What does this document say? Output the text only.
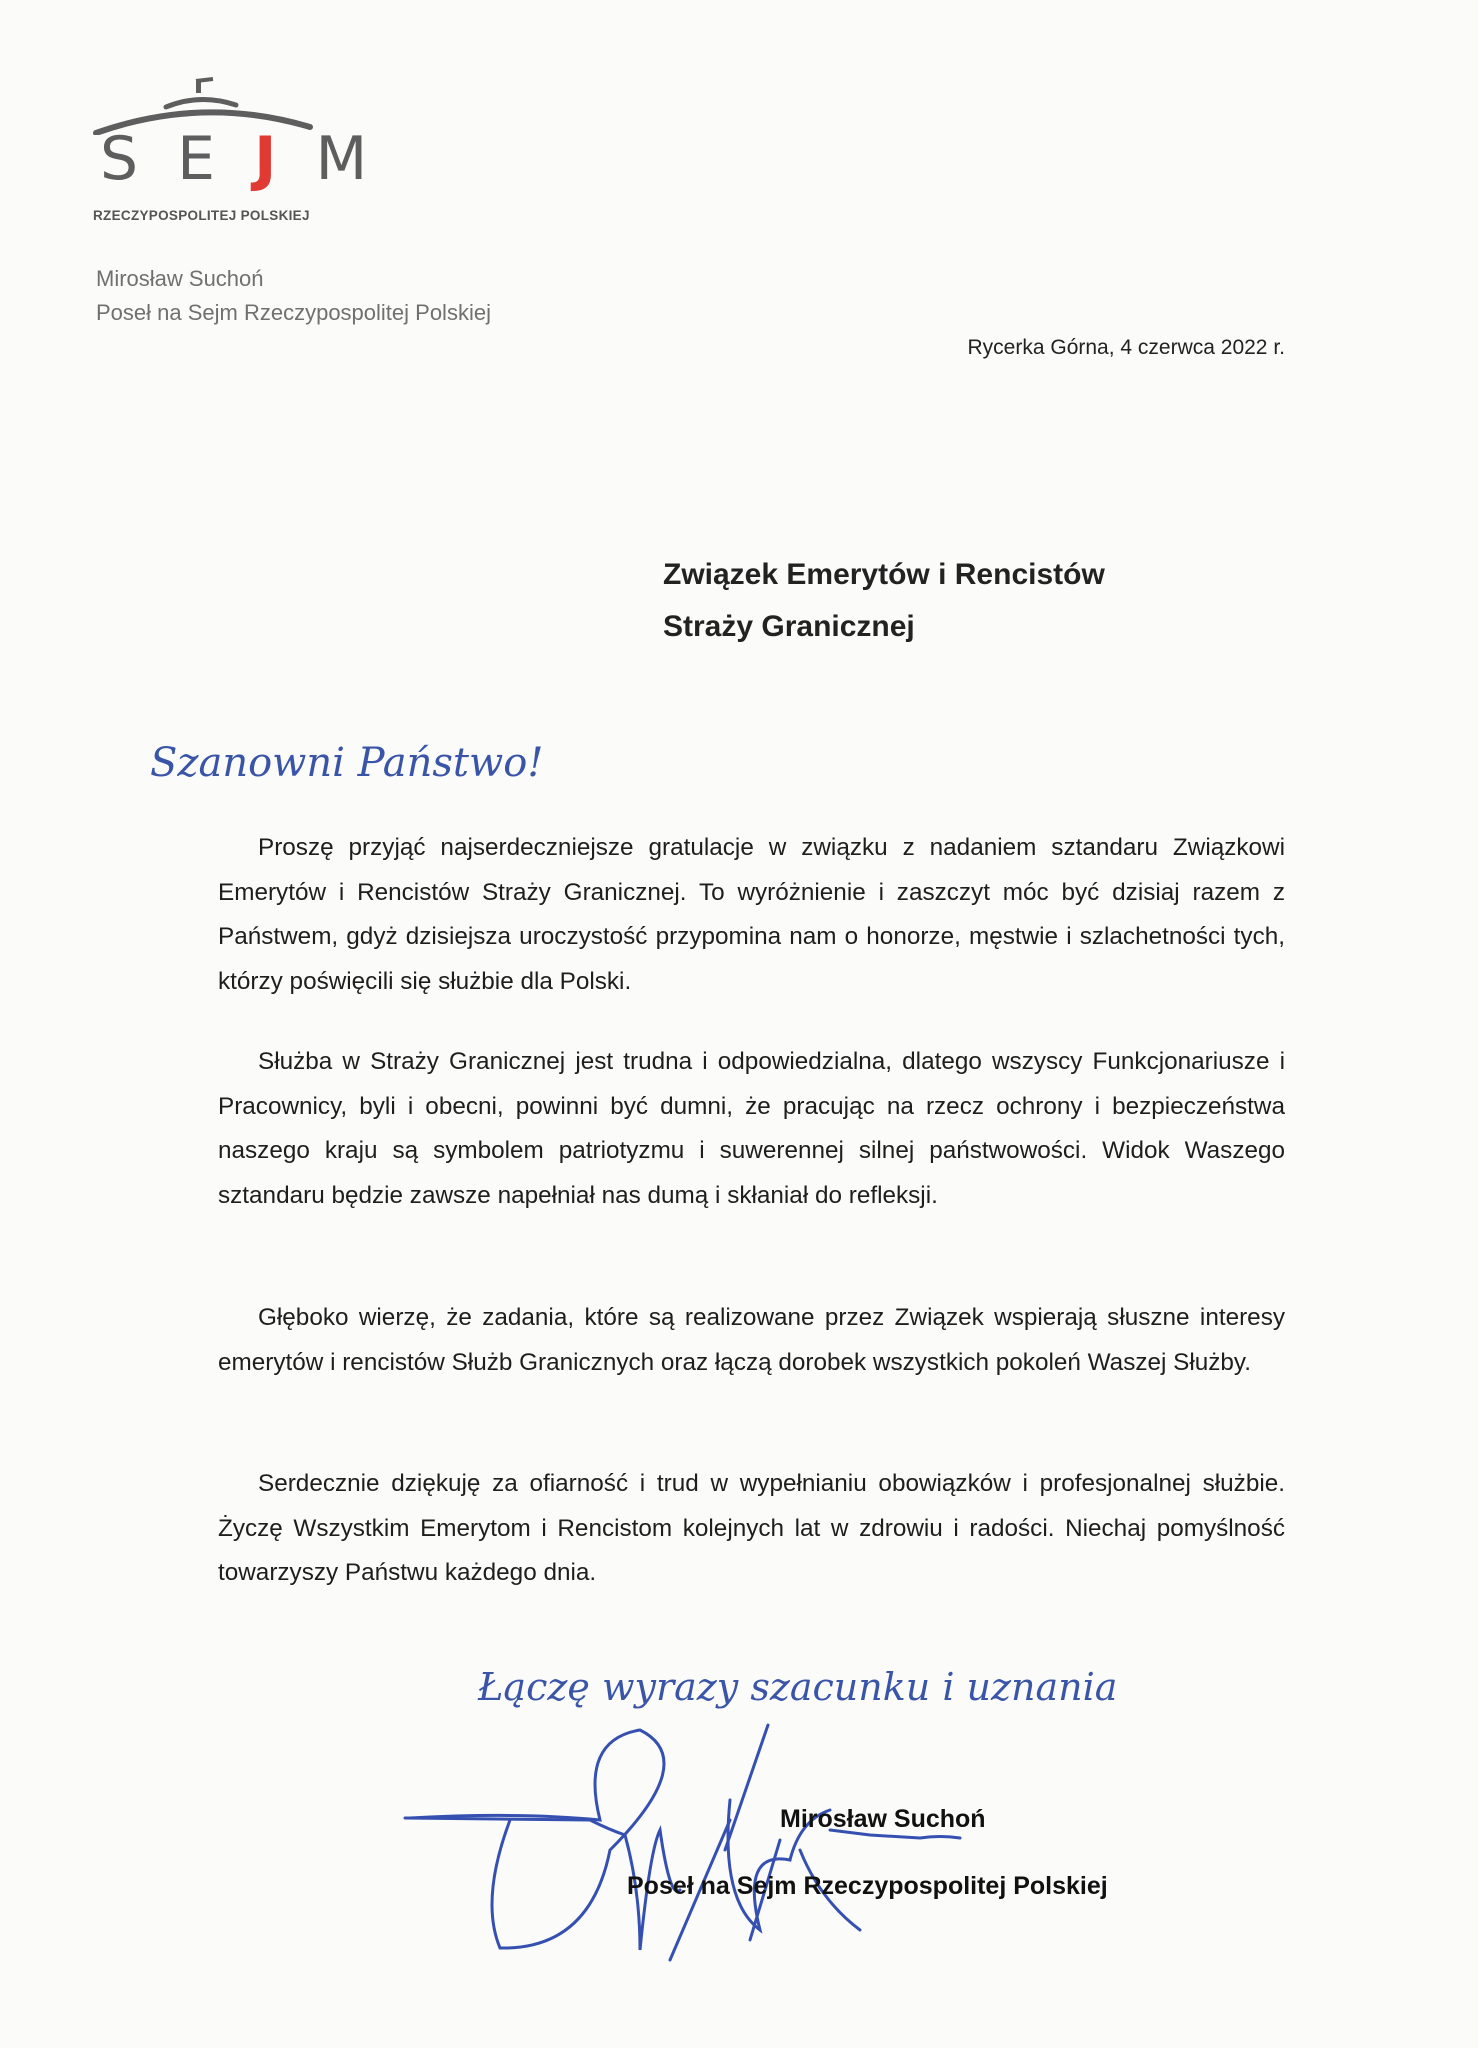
S E J M
RZECZYPOSPOLITEJ POLSKIEJ
Mirosław Suchoń
Poseł na Sejm Rzeczypospolitej Polskiej
Rycerka Górna, 4 czerwca 2022 r.
Związek Emerytów i Rencistów
Straży Granicznej
Szanowni Państwo!

Proszę przyjąć najserdeczniejsze gratulacje w związku z nadaniem sztandaru Związkowi Emerytów i Rencistów Straży Granicznej. To wyróżnienie i zaszczyt móc być dzisiaj razem z Państwem, gdyż dzisiejsza uroczystość przypomina nam o honorze, męstwie i szlachetności tych, którzy poświęcili się służbie dla Polski.

Służba w Straży Granicznej jest trudna i odpowiedzialna, dlatego wszyscy Funkcjonariusze i Pracownicy, byli i obecni, powinni być dumni, że pracując na rzecz ochrony i bezpieczeństwa naszego kraju są symbolem patriotyzmu i suwerennej silnej państwowości. Widok Waszego sztandaru będzie zawsze napełniał nas dumą i skłaniał do refleksji.

Głęboko wierzę, że zadania, które są realizowane przez Związek wspierają słuszne interesy emerytów i rencistów Służb Granicznych oraz łączą dorobek wszystkich pokoleń Waszej Służby.

Serdecznie dziękuję za ofiarność i trud w wypełnianiu obowiązków i profesjonalnej służbie. Życzę Wszystkim Emerytom i Rencistom kolejnych lat w zdrowiu i radości. Niechaj pomyślność towarzyszy Państwu każdego dnia.

Łączę wyrazy szacunku i uznania
Mirosław Suchoń
Poseł na Sejm Rzeczypospolitej Polskiej
